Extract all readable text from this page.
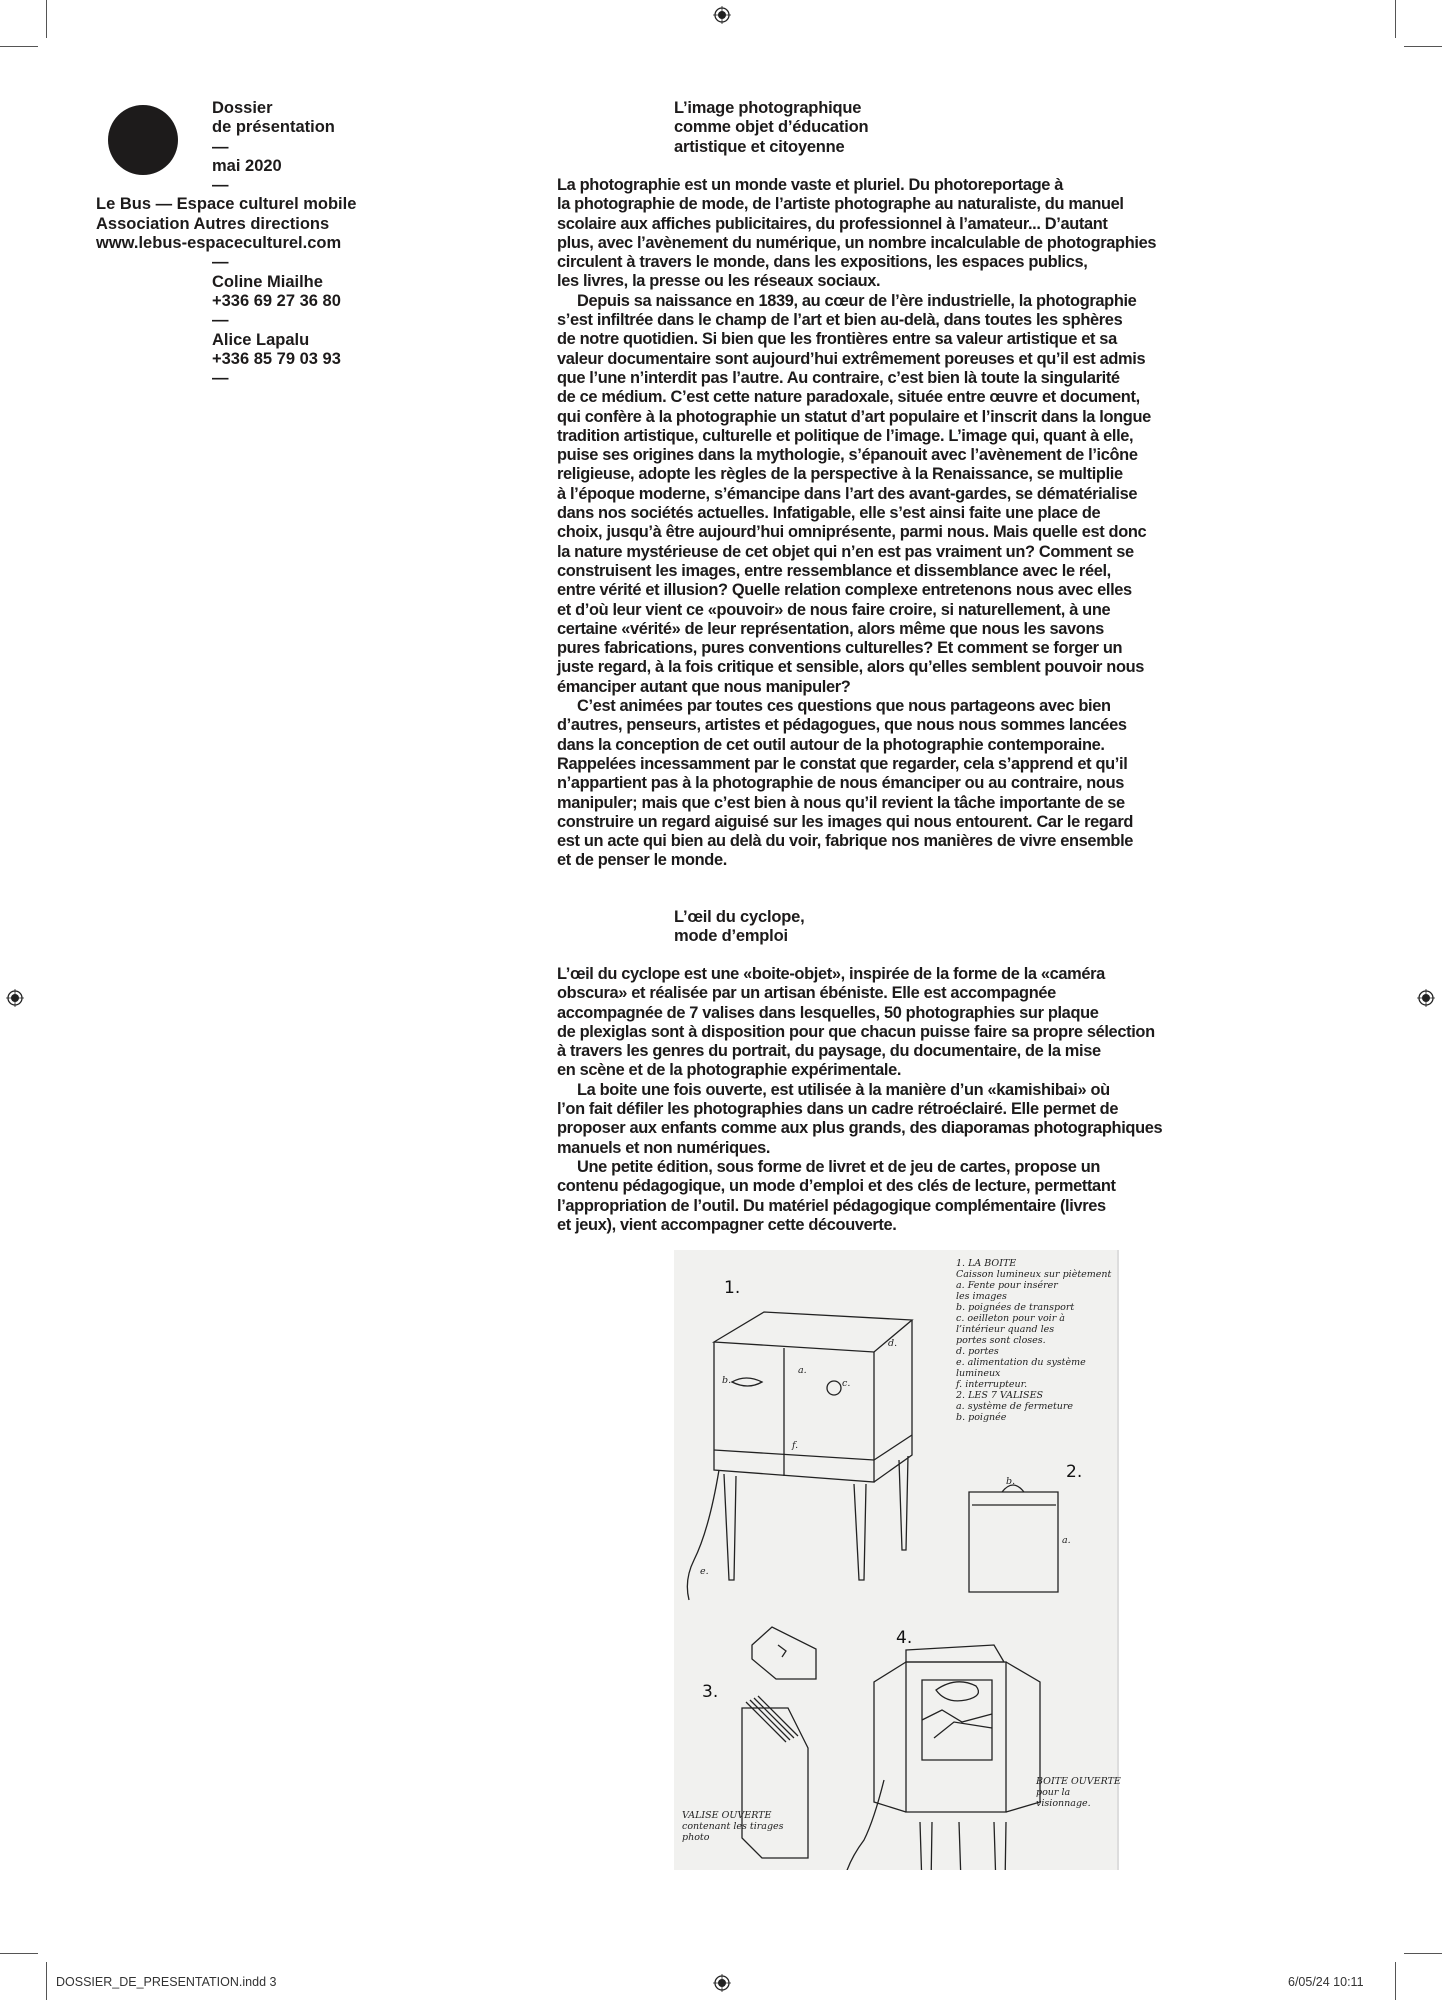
Dossier
de présentation
—
mai 2020
—
Le Bus — Espace culturel mobile
Association Autres directions
www.lebus-espaceculturel.com
—
Coline Miailhe
+336 69 27 36 80
—
Alice Lapalu
+336 85 79 03 93
—
L’image photographique
comme objet d’éducation
artistique et citoyenne
La photographie est un monde vaste et pluriel. Du photoreportage à
la photographie de mode, de l’artiste photographe au naturaliste, du manuel
scolaire aux affiches publicitaires, du professionnel à l’amateur... D’autant
plus, avec l’avènement du numérique, un nombre incalculable de photographies
circulent à travers le monde, dans les expositions, les espaces publics,
les livres, la presse ou les réseaux sociaux.
Depuis sa naissance en 1839, au cœur de l’ère industrielle, la photographie
s’est infiltrée dans le champ de l’art et bien au-delà, dans toutes les sphères
de notre quotidien. Si bien que les frontières entre sa valeur artistique et sa
valeur documentaire sont aujourd’hui extrêmement poreuses et qu’il est admis
que l’une n’interdit pas l’autre. Au contraire, c’est bien là toute la singularité
de ce médium. C’est cette nature paradoxale, située entre œuvre et document,
qui confère à la photographie un statut d’art populaire et l’inscrit dans la longue
tradition artistique, culturelle et politique de l’image. L’image qui, quant à elle,
puise ses origines dans la mythologie, s’épanouit avec l’avènement de l’icône
religieuse, adopte les règles de la perspective à la Renaissance, se multiplie
à l’époque moderne, s’émancipe dans l’art des avant-gardes, se dématérialise
dans nos sociétés actuelles. Infatigable, elle s’est ainsi faite une place de
choix, jusqu’à être aujourd’hui omniprésente, parmi nous. Mais quelle est donc
la nature mystérieuse de cet objet qui n’en est pas vraiment un? Comment se
construisent les images, entre ressemblance et dissemblance avec le réel,
entre vérité et illusion? Quelle relation complexe entretenons nous avec elles
et d’où leur vient ce «pouvoir» de nous faire croire, si naturellement, à une
certaine «vérité» de leur représentation, alors même que nous les savons
pures fabrications, pures conventions culturelles? Et comment se forger un
juste regard, à la fois critique et sensible, alors qu’elles semblent pouvoir nous
émanciper autant que nous manipuler?
C’est animées par toutes ces questions que nous partageons avec bien
d’autres, penseurs, artistes et pédagogues, que nous nous sommes lancées
dans la conception de cet outil autour de la photographie contemporaine.
Rappelées incessamment par le constat que regarder, cela s’apprend et qu’il
n’appartient pas à la photographie de nous émanciper ou au contraire, nous
manipuler; mais que c’est bien à nous qu’il revient la tâche importante de se
construire un regard aiguisé sur les images qui nous entourent. Car le regard
est un acte qui bien au delà du voir, fabrique nos manières de vivre ensemble
et de penser le monde.
L’œil du cyclope,
mode d’emploi
L’œil du cyclope est une «boite-objet», inspirée de la forme de la «caméra
obscura» et réalisée par un artisan ébéniste. Elle est accompagnée
accompagnée de 7 valises dans lesquelles, 50 photographies sur plaque
de plexiglas sont à disposition pour que chacun puisse faire sa propre sélection
à travers les genres du portrait, du paysage, du documentaire, de la mise
en scène et de la photographie expérimentale.
La boite une fois ouverte, est utilisée à la manière d’un «kamishibai» où
l’on fait défiler les photographies dans un cadre rétroéclairé. Elle permet de
proposer aux enfants comme aux plus grands, des diaporamas photographiques
manuels et non numériques.
Une petite édition, sous forme de livret et de jeu de cartes, propose un
contenu pédagogique, un mode d’emploi et des clés de lecture, permettant
l’appropriation de l’outil. Du matériel pédagogique complémentaire (livres
et jeux), vient accompagner cette découverte.
1.
2.
3.
4.
a.
b.	c.
d.
f.
e.
a.
b.
1. LA BOITE
Caisson lumineux sur piètement
a. Fente pour insérer
les images
b. poignées de transport
c. oeilleton pour voir à
l’intérieur quand les
portes sont closes.
d. portes
e. alimentation du système
lumineux
f. interrupteur.
2. LES 7 VALISES
a. système de fermeture
b. poignée
VALISE OUVERTE
contenant les tirages
photo
BOITE OUVERTE
pour la
visionnage.
DOSSIER_DE_PRESENTATION.indd 3	6/05/24 10:11
